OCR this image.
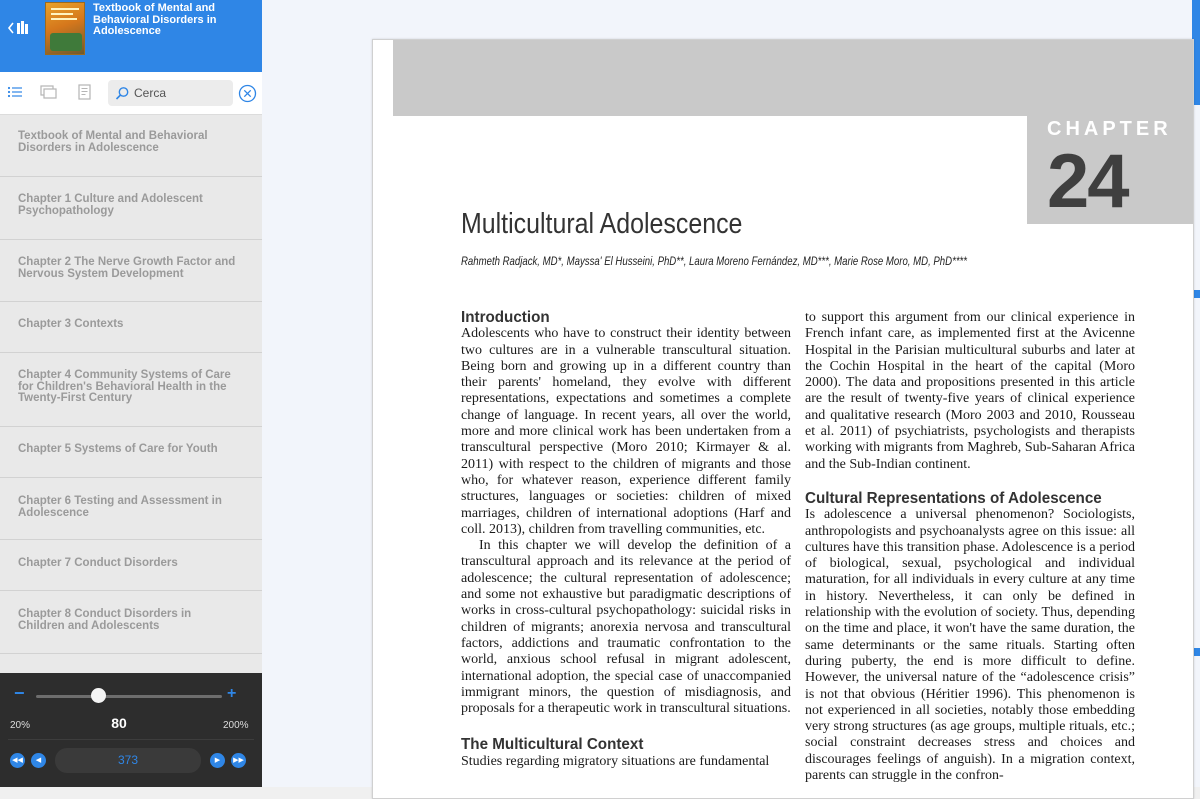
Textbook of Mental and Behavioral Disorders in Adolescence
Cerca
Textbook of Mental and Behavioral Disorders in Adolescence
Chapter 1 Culture and Adolescent Psychopathology
Chapter 2 The Nerve Growth Factor and Nervous System Development
Chapter 3 Contexts
Chapter 4 Community Systems of Care for Children's Behavioral Health in the Twenty-First Century
Chapter 5 Systems of Care for Youth
Chapter 6 Testing and Assessment in Adolescence
Chapter 7 Conduct Disorders
Chapter 8 Conduct Disorders in Children and Adolescents
−	+
20%	80	200%
◀◀	◀	373	▶	▶▶
CHAPTER
24
Multicultural Adolescence
Rahmeth Radjack, MD*, Mayssa' El Husseini, PhD**, Laura Moreno Fernández, MD***, Marie Rose Moro, MD, PhD****
Introduction

Adolescents who have to construct their identity between two cultures are in a vulnerable transcultural situation. Being born and growing up in a different country than their parents' homeland, they evolve with different representations, expectations and sometimes a complete change of language. In recent years, all over the world, more and more clinical work has been undertaken from a transcultural perspective (Moro 2010; Kirmayer & al. 2011) with respect to the children of migrants and those who, for whatever reason, experience different family structures, languages or societies: children of mixed marriages, children of international adoptions (Harf and coll. 2013), children from travelling communities, etc.

In this chapter we will develop the definition of a transcultural approach and its relevance at the period of adolescence; the cultural representation of adolescence; and some not exhaustive but paradigmatic descriptions of works in cross-cultural psychopathology: suicidal risks in children of migrants; anorexia nervosa and transcultural factors, addictions and traumatic confrontation to the world, anxious school refusal in migrant adolescent, international adoption, the special case of unaccompanied immigrant minors, the question of misdiagnosis, and proposals for a therapeutic work in transcultural situations.

The Multicultural Context

Studies regarding migratory situations are fundamental

to support this argument from our clinical experience in French infant care, as implemented first at the Avicenne Hospital in the Parisian multicultural suburbs and later at the Cochin Hospital in the heart of the capital (Moro 2000). The data and propositions presented in this article are the result of twenty-five years of clinical experience and qualitative research (Moro 2003 and 2010, Rousseau et al. 2011) of psychiatrists, psychologists and therapists working with migrants from Maghreb, Sub-Saharan Africa and the Sub-Indian continent.

Cultural Representations of Adolescence

Is adolescence a universal phenomenon? Sociologists, anthropologists and psychoanalysts agree on this issue: all cultures have this transition phase. Adolescence is a period of biological, sexual, psychological and individual maturation, for all individuals in every culture at any time in history. Nevertheless, it can only be defined in relationship with the evolution of society. Thus, depending on the time and place, it won't have the same duration, the same determinants or the same rituals. Starting often during puberty, the end is more difficult to define. However, the universal nature of the “adolescence crisis” is not that obvious (Héritier 1996). This phenomenon is not experienced in all societies, notably those embedding very strong structures (as age groups, multiple rituals, etc.; social constraint decreases stress and choices and discourages feelings of anguish). In a migration context, parents can struggle in the confron-
